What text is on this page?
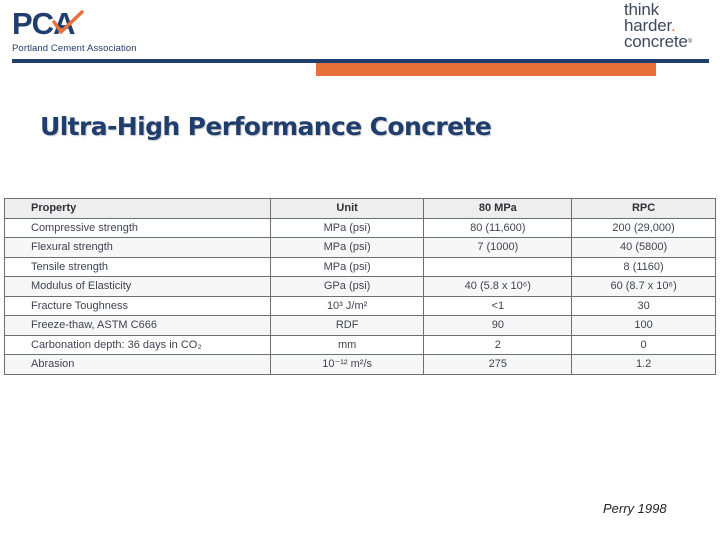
PCA
Portland Cement Association
think
harder.
concrete®
Ultra-High Performance Concrete
Property	Unit	80 MPa	RPC
Compressive strength	MPa (psi)	80 (11,600)	200 (29,000)
Flexural strength	MPa (psi)	7 (1000)	40 (5800)
Tensile strength	MPa (psi)		8 (1160)
Modulus of Elasticity	GPa (psi)	40 (5.8 x 10⁶)	60 (8.7 x 10⁶)
Fracture Toughness	10³ J/m²	<1	30
Freeze-thaw, ASTM C666	RDF	90	100
Carbonation depth: 36 days in CO₂	mm	2	0
Abrasion	10⁻¹² m²/s	275	1.2
Perry 1998
